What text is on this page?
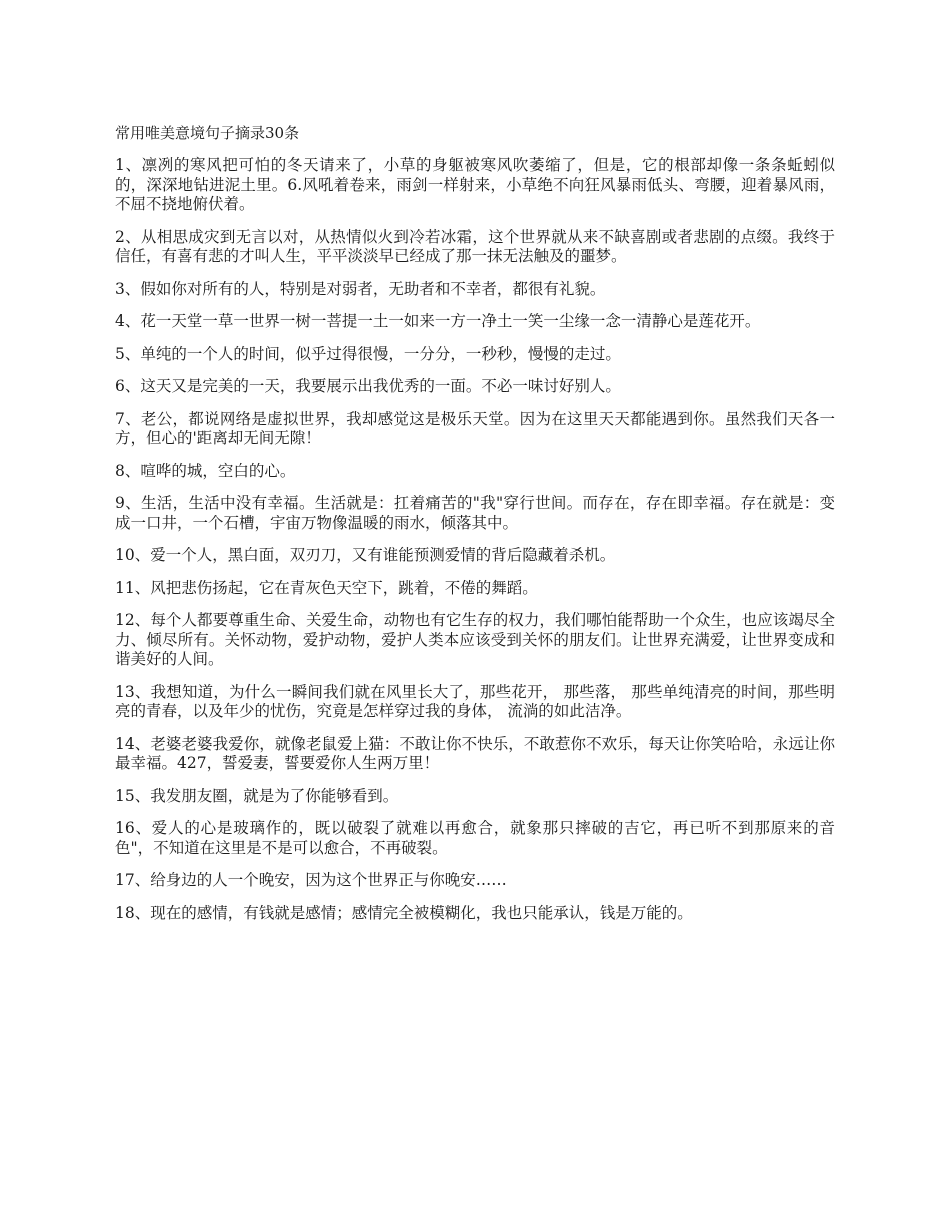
常用唯美意境句子摘录30条

1、凛冽的寒风把可怕的冬天请来了，小草的身躯被寒风吹萎缩了，但是，它的根部却像一条条蚯蚓似的，深深地钻进泥土里。6.风吼着卷来，雨剑一样射来，小草绝不向狂风暴雨低头、弯腰，迎着暴风雨，不屈不挠地俯伏着。

2、从相思成灾到无言以对，从热情似火到冷若冰霜，这个世界就从来不缺喜剧或者悲剧的点缀。我终于信任，有喜有悲的才叫人生，平平淡淡早已经成了那一抹无法触及的噩梦。

3、假如你对所有的人，特别是对弱者，无助者和不幸者，都很有礼貌。

4、花一天堂一草一世界一树一菩提一土一如来一方一净土一笑一尘缘一念一清静心是莲花开。

5、单纯的一个人的时间，似乎过得很慢，一分分，一秒秒，慢慢的走过。

6、这天又是完美的一天，我要展示出我优秀的一面。不必一味讨好别人。

7、老公，都说网络是虚拟世界，我却感觉这是极乐天堂。因为在这里天天都能遇到你。虽然我们天各一方，但心的'距离却无间无隙！

8、喧哗的城，空白的心。

9、生活，生活中没有幸福。生活就是：扛着痛苦的"我"穿行世间。而存在，存在即幸福。存在就是：变成一口井，一个石槽，宇宙万物像温暖的雨水，倾落其中。

10、爱一个人，黑白面，双刃刀，又有谁能预测爱情的背后隐藏着杀机。

11、风把悲伤扬起，它在青灰色天空下，跳着，不倦的舞蹈。

12、每个人都要尊重生命、关爱生命，动物也有它生存的权力，我们哪怕能帮助一个众生，也应该竭尽全力、倾尽所有。关怀动物，爱护动物，爱护人类本应该受到关怀的朋友们。让世界充满爱，让世界变成和谐美好的人间。

13、我想知道，为什么一瞬间我们就在风里长大了，那些花开， 那些落， 那些单纯清亮的时间，那些明亮的青春，以及年少的忧伤，究竟是怎样穿过我的身体， 流淌的如此洁净。

14、老婆老婆我爱你，就像老鼠爱上猫：不敢让你不快乐，不敢惹你不欢乐，每天让你笑哈哈，永远让你最幸福。427，誓爱妻，誓要爱你人生两万里！

15、我发朋友圈，就是为了你能够看到。

16、爱人的心是玻璃作的，既以破裂了就难以再愈合，就象那只摔破的吉它，再已听不到那原来的音色"，不知道在这里是不是可以愈合，不再破裂。

17、给身边的人一个晚安，因为这个世界正与你晚安……

18、现在的感情，有钱就是感情；感情完全被模糊化，我也只能承认，钱是万能的。
